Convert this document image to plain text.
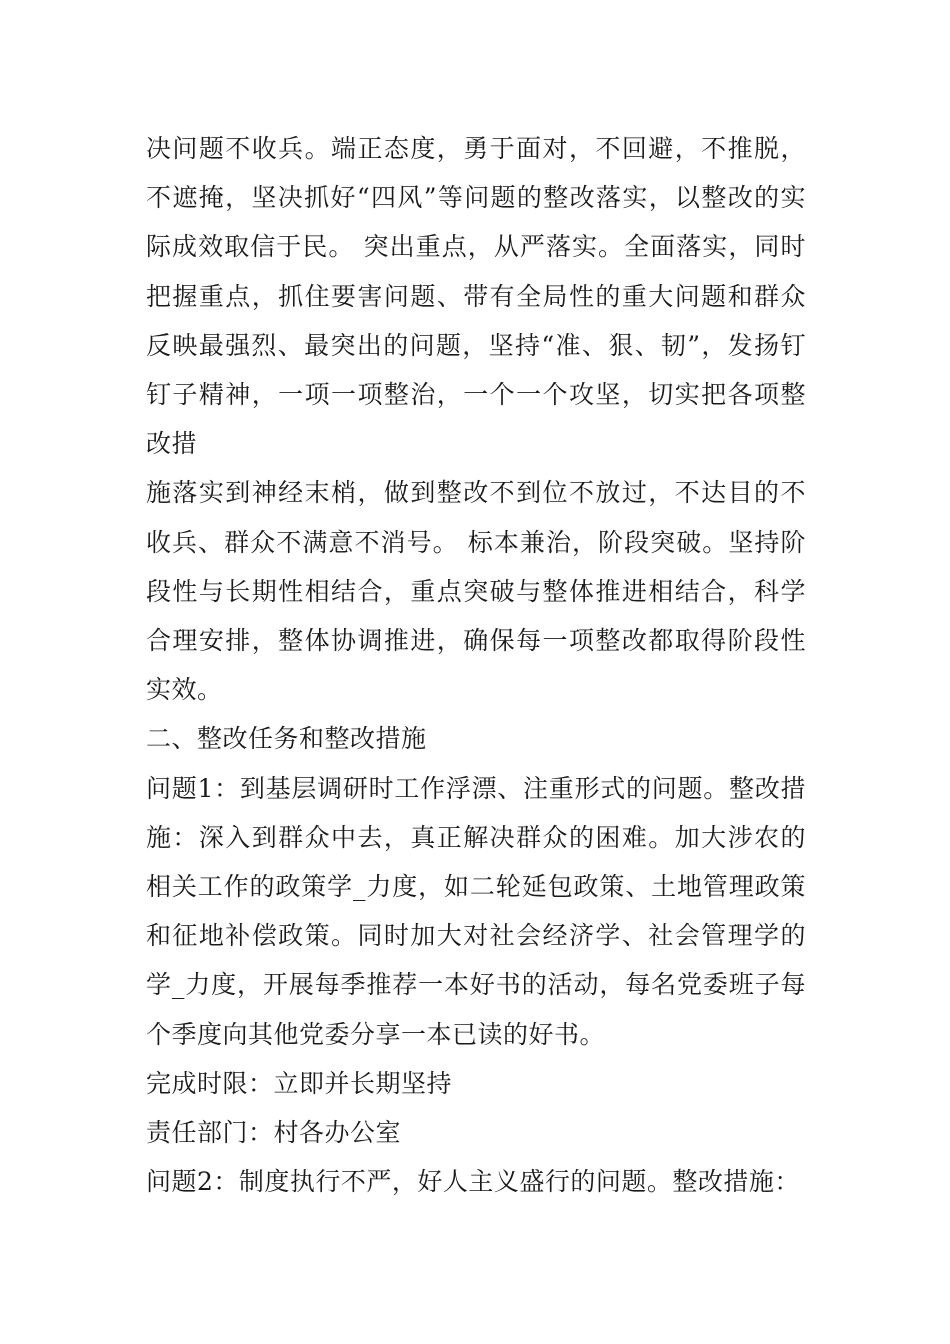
决问题不收兵。端正态度，勇于面对，不回避，不推脱，不遮掩，坚决抓好“四风”等问题的整改落实，以整改的实际成效取信于民。 突出重点，从严落实。全面落实，同时把握重点，抓住要害问题、带有全局性的重大问题和群众反映最强烈、最突出的问题，坚持“准、狠、韧”，发扬钉钉子精神，一项一项整治，一个一个攻坚，切实把各项整改措

施落实到神经末梢，做到整改不到位不放过，不达目的不收兵、群众不满意不消号。 标本兼治，阶段突破。坚持阶段性与长期性相结合，重点突破与整体推进相结合，科学合理安排，整体协调推进，确保每一项整改都取得阶段性实效。

二、整改任务和整改措施

问题1：到基层调研时工作浮漂、注重形式的问题。整改措施：深入到群众中去，真正解决群众的困难。加大涉农的相关工作的政策学_力度，如二轮延包政策、土地管理政策和征地补偿政策。同时加大对社会经济学、社会管理学的学_力度，开展每季推荐一本好书的活动，每名党委班子每个季度向其他党委分享一本已读的好书。

完成时限：立即并长期坚持

责任部门：村各办公室

问题2：制度执行不严，好人主义盛行的问题。整改措施：
